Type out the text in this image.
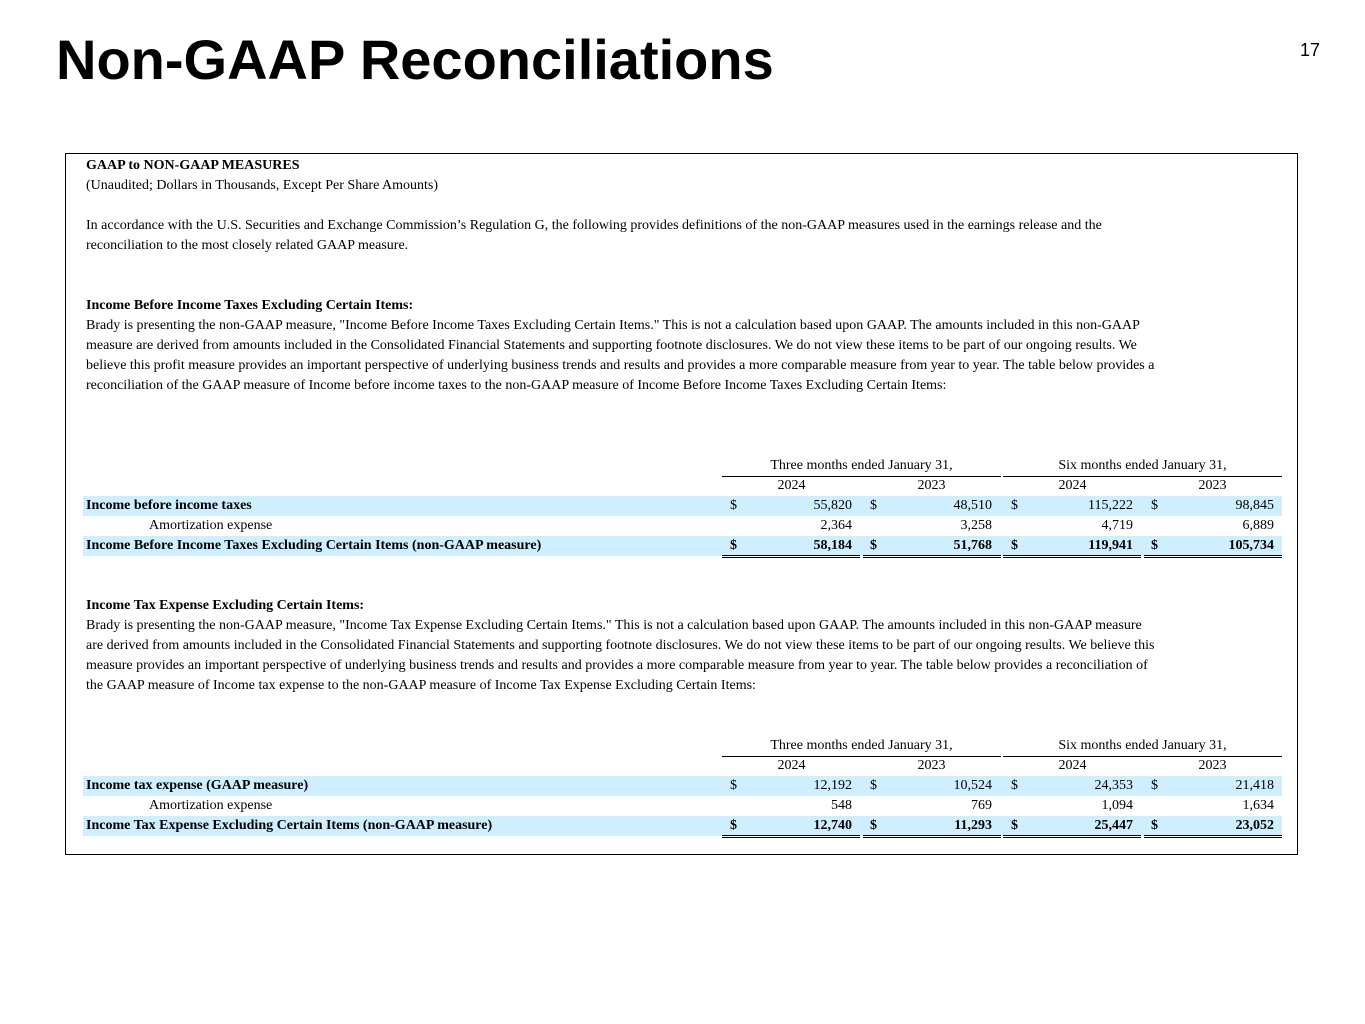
Non-GAAP Reconciliations	17
GAAP to NON-GAAP MEASURES
(Unaudited; Dollars in Thousands, Except Per Share Amounts)
In accordance with the U.S. Securities and Exchange Commission’s Regulation G, the following provides definitions of the non-GAAP measures used in the earnings release and the
reconciliation to the most closely related GAAP measure.
Income Before Income Taxes Excluding Certain Items:
Brady is presenting the non-GAAP measure, "Income Before Income Taxes Excluding Certain Items." This is not a calculation based upon GAAP. The amounts included in this non-GAAP
measure are derived from amounts included in the Consolidated Financial Statements and supporting footnote disclosures. We do not view these items to be part of our ongoing results. We
believe this profit measure provides an important perspective of underlying business trends and results and provides a more comparable measure from year to year. The table below provides a
reconciliation of the GAAP measure of Income before income taxes to the non-GAAP measure of Income Before Income Taxes Excluding Certain Items:
Three months ended January 31,	Six months ended January 31,
2024	2023	2024	2023
Income before income taxes	$	55,820 $	48,510 $	115,222 $	98,845
Amortization expense	2,364	3,258	4,719	6,889
Income Before Income Taxes Excluding Certain Items (non-GAAP measure)	$	58,184 $	51,768 $	119,941 $	105,734
Income Tax Expense Excluding Certain Items:
Brady is presenting the non-GAAP measure, "Income Tax Expense Excluding Certain Items." This is not a calculation based upon GAAP. The amounts included in this non-GAAP measure
are derived from amounts included in the Consolidated Financial Statements and supporting footnote disclosures. We do not view these items to be part of our ongoing results. We believe this
measure provides an important perspective of underlying business trends and results and provides a more comparable measure from year to year. The table below provides a reconciliation of
the GAAP measure of Income tax expense to the non-GAAP measure of Income Tax Expense Excluding Certain Items:
Three months ended January 31,	Six months ended January 31,
2024	2023	2024	2023
Income tax expense (GAAP measure)	$	12,192 $	10,524 $	24,353 $	21,418
Amortization expense	548	769	1,094	1,634
Income Tax Expense Excluding Certain Items (non-GAAP measure)	$	12,740 $	11,293 $	25,447 $	23,052
